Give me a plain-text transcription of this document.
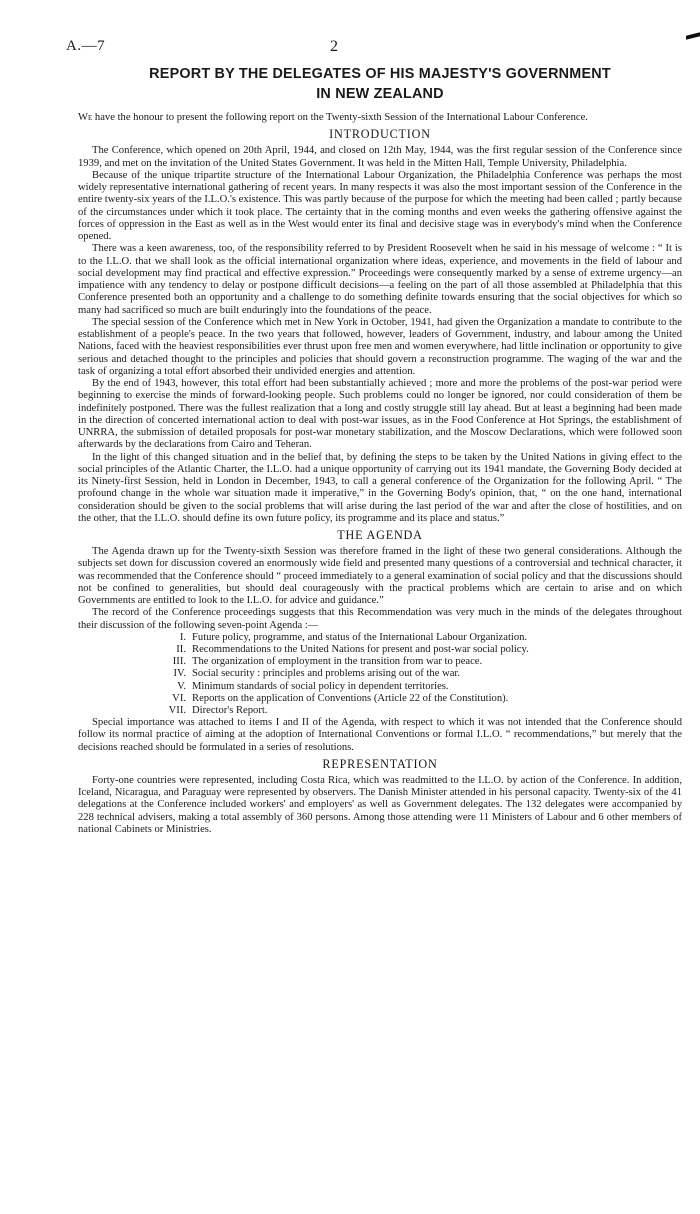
A.—7	2
REPORT BY THE DELEGATES OF HIS MAJESTY'S GOVERNMENT
IN NEW ZEALAND

We have the honour to present the following report on the Twenty-sixth Session of the International Labour Conference.

INTRODUCTION

The Conference, which opened on 20th April, 1944, and closed on 12th May, 1944, was the first regular session of the Conference since 1939, and met on the invitation of the United States Government. It was held in the Mitten Hall, Temple University, Philadelphia.

Because of the unique tripartite structure of the International Labour Organization, the Philadelphia Conference was perhaps the most widely representative international gathering of recent years. In many respects it was also the most important session of the Conference in the entire twenty-six years of the I.L.O.'s existence. This was partly because of the purpose for which the meeting had been called ; partly because of the circumstances under which it took place. The certainty that in the coming months and even weeks the gathering offensive against the forces of oppression in the East as well as in the West would enter its final and decisive stage was in everybody's mind when the Conference opened.

There was a keen awareness, too, of the responsibility referred to by President Roosevelt when he said in his message of welcome : “ It is to the I.L.O. that we shall look as the official international organization where ideas, experience, and movements in the field of labour and social development may find practical and effective expression.” Proceedings were consequently marked by a sense of extreme urgency—an impatience with any tendency to delay or postpone difficult decisions—a feeling on the part of all those assembled at Philadelphia that this Conference presented both an opportunity and a challenge to do something definite towards ensuring that the social objectives for which so many had sacrificed so much are built enduringly into the foundations of the peace.

The special session of the Conference which met in New York in October, 1941, had given the Organization a mandate to contribute to the establishment of a people's peace. In the two years that followed, however, leaders of Government, industry, and labour among the United Nations, faced with the heaviest responsibilities ever thrust upon free men and women everywhere, had little inclination or opportunity to give serious and detached thought to the principles and policies that should govern a reconstruction programme. The waging of the war and the task of organizing a total effort absorbed their undivided energies and attention.

By the end of 1943, however, this total effort had been substantially achieved ; more and more the problems of the post-war period were beginning to exercise the minds of forward-looking people. Such problems could no longer be ignored, nor could consideration of them be indefinitely postponed. There was the fullest realization that a long and costly struggle still lay ahead. But at least a beginning had been made in the direction of concerted international action to deal with post-war issues, as in the Food Conference at Hot Springs, the establishment of UNRRA, the submission of detailed proposals for post-war monetary stabilization, and the Moscow Declarations, which were followed soon afterwards by the declarations from Cairo and Teheran.

In the light of this changed situation and in the belief that, by defining the steps to be taken by the United Nations in giving effect to the social principles of the Atlantic Charter, the I.L.O. had a unique opportunity of carrying out its 1941 mandate, the Governing Body decided at its Ninety-first Session, held in London in December, 1943, to call a general conference of the Organization for the following April. “ The profound change in the whole war situation made it imperative,” in the Governing Body's opinion, that, “ on the one hand, international consideration should be given to the social problems that will arise during the last period of the war and after the close of hostilities, and on the other, that the I.L.O. should define its own future policy, its programme and its place and status.”

THE AGENDA

The Agenda drawn up for the Twenty-sixth Session was therefore framed in the light of these two general considerations. Although the subjects set down for discussion covered an enormously wide field and presented many questions of a controversial and technical character, it was recommended that the Conference should “ proceed immediately to a general examination of social policy and that the discussions should not be confined to generalities, but should deal courageously with the practical problems which are certain to arise and on which Governments are entitled to look to the I.L.O. for advice and guidance.”

The record of the Conference proceedings suggests that this Recommendation was very much in the minds of the delegates throughout their discussion of the following seven-point Agenda :—

I. Future policy, programme, and status of the International Labour Organization.
II. Recommendations to the United Nations for present and post-war social policy.
III. The organization of employment in the transition from war to peace.
IV. Social security : principles and problems arising out of the war.
V. Minimum standards of social policy in dependent territories.
VI. Reports on the application of Conventions (Article 22 of the Constitution).
VII. Director's Report.

Special importance was attached to items I and II of the Agenda, with respect to which it was not intended that the Conference should follow its normal practice of aiming at the adoption of International Conventions or formal I.L.O. “ recommendations,” but merely that the decisions reached should be formulated in a series of resolutions.

REPRESENTATION

Forty-one countries were represented, including Costa Rica, which was readmitted to the I.L.O. by action of the Conference. In addition, Iceland, Nicaragua, and Paraguay were represented by observers. The Danish Minister attended in his personal capacity. Twenty-six of the 41 delegations at the Conference included workers' and employers' as well as Government delegates. The 132 delegates were accompanied by 228 technical advisers, making a total assembly of 360 persons. Among those attending were 11 Ministers of Labour and 6 other members of national Cabinets or Ministries.
